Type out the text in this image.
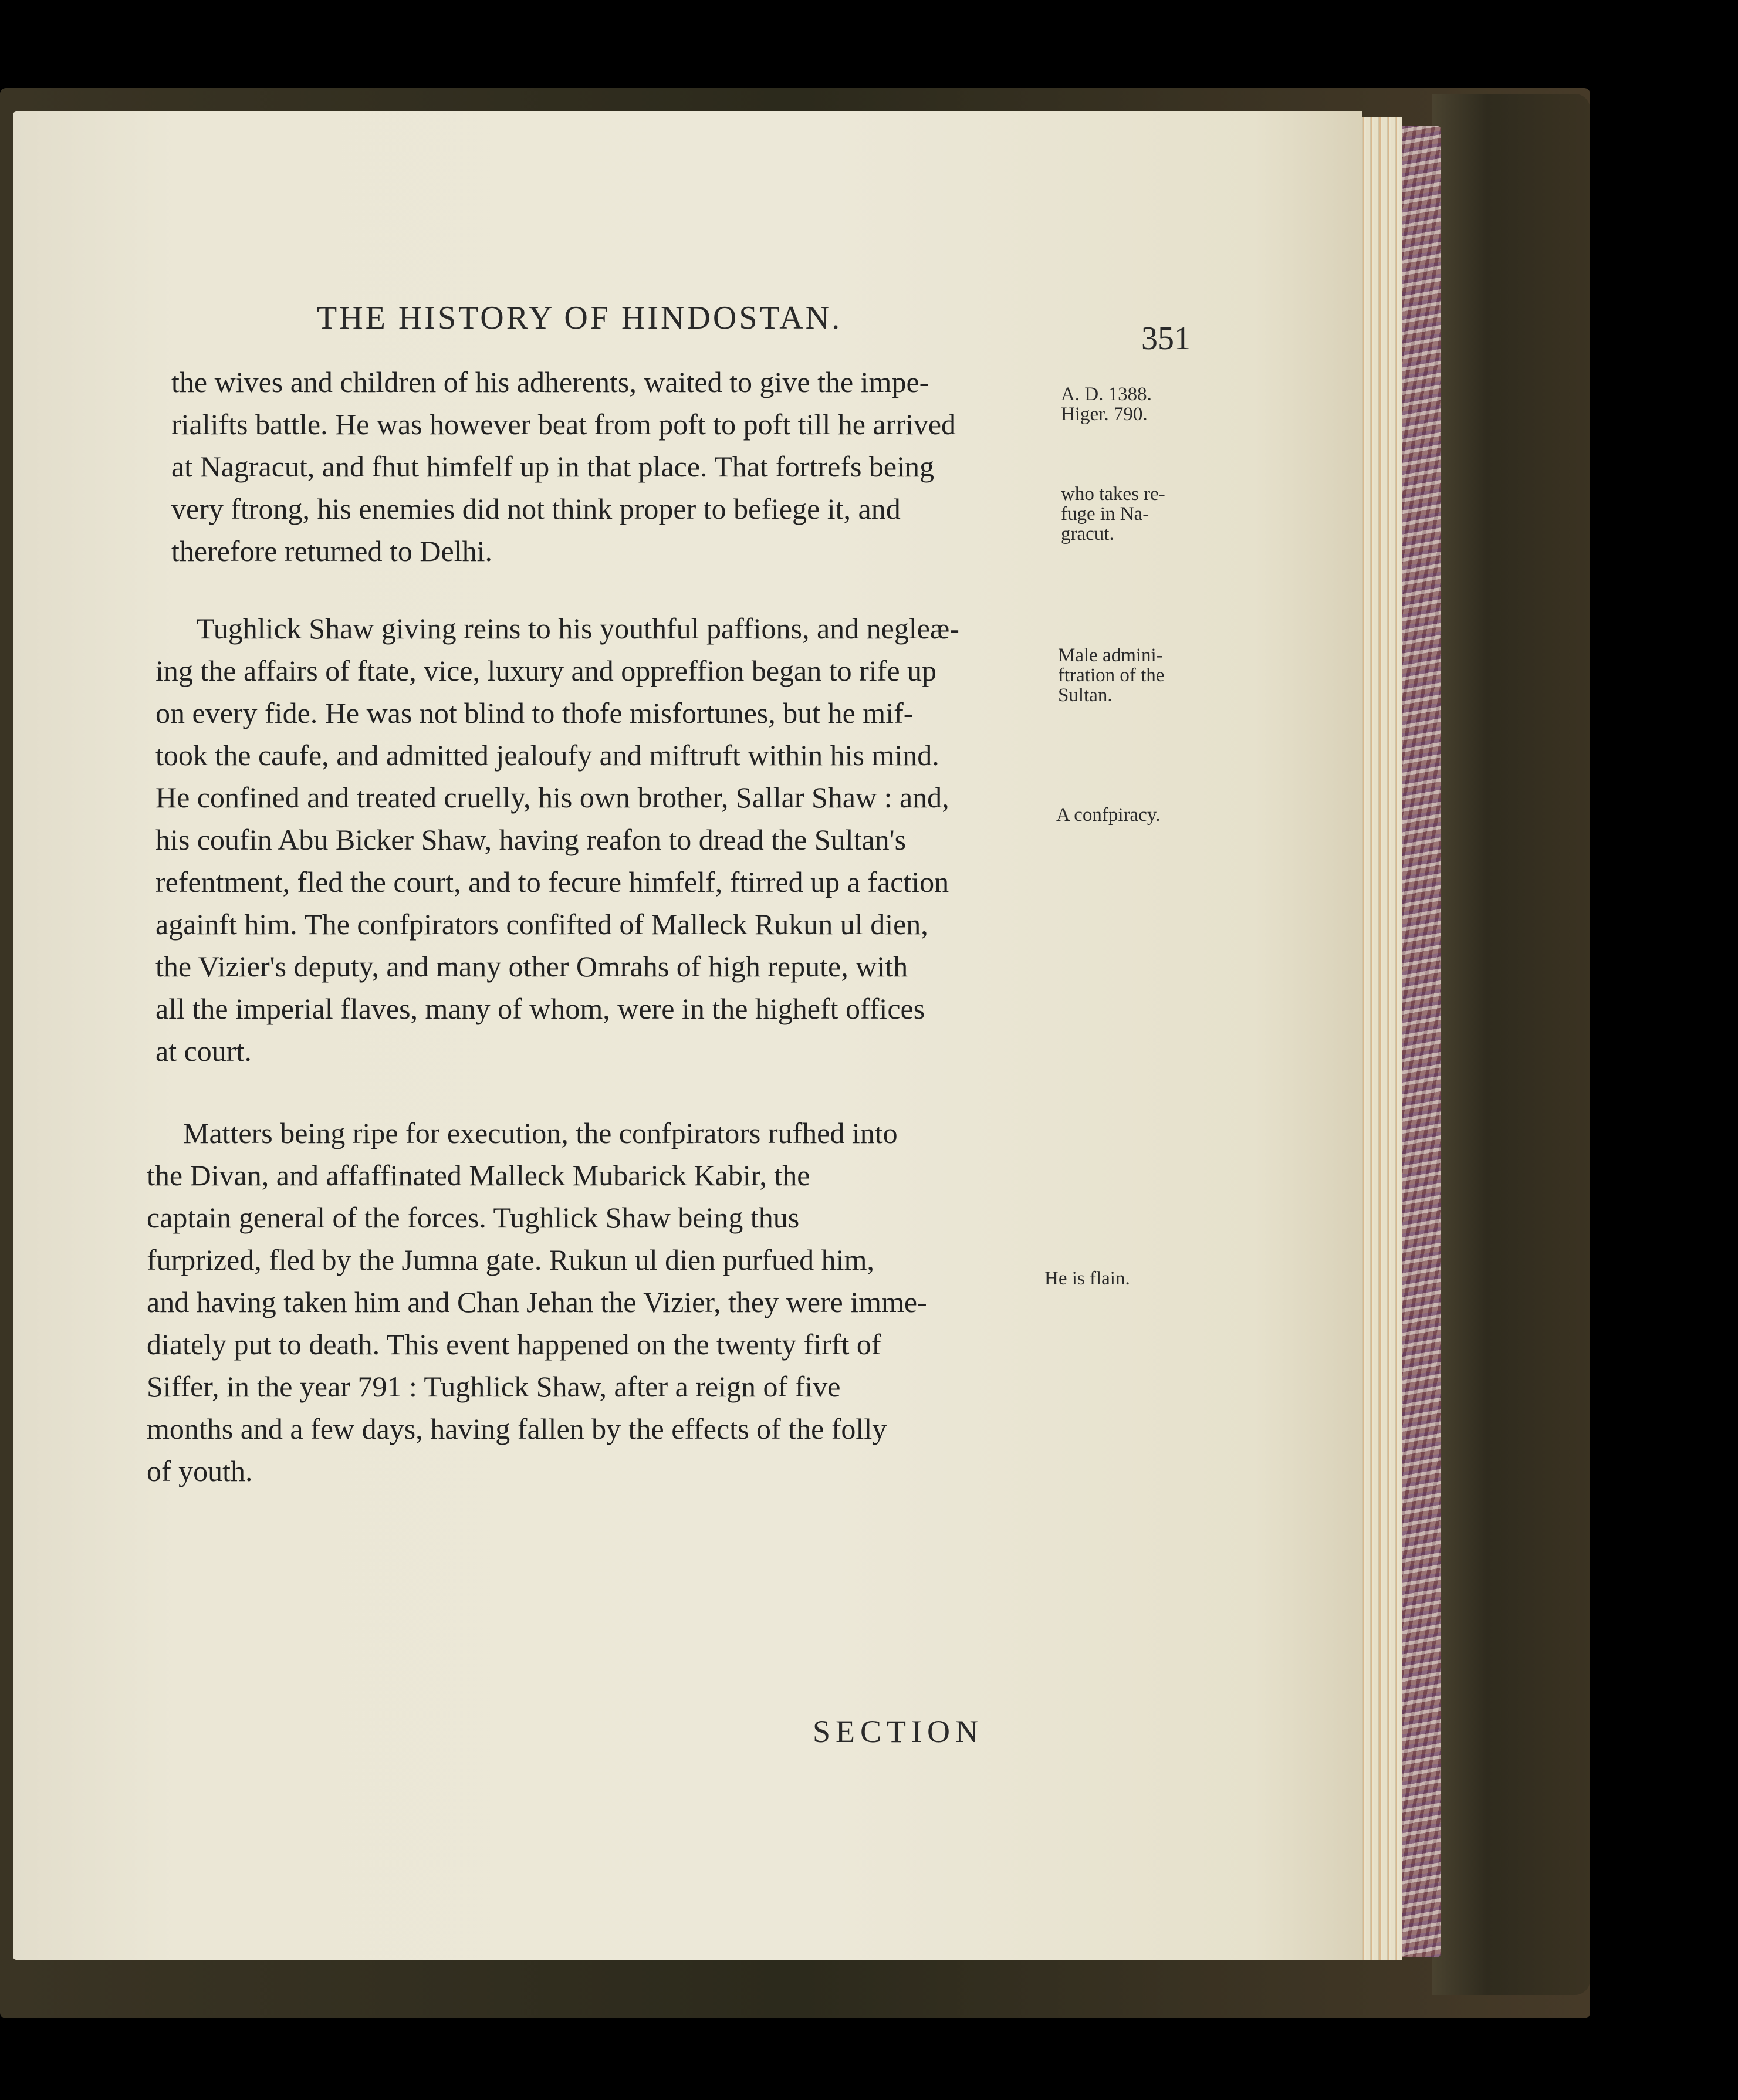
THE HISTORY OF HINDOSTAN.
351
the wives and children of his adherents, waited to give the impe-
rialifts battle. He was however beat from poft to poft till he arrived
at Nagracut, and fhut himfelf up in that place. That fortrefs being
very ftrong, his enemies did not think proper to befiege it, and
therefore returned to Delhi.
Tughlick Shaw giving reins to his youthful paffions, and negleæ-
ing the affairs of ftate, vice, luxury and oppreffion began to rife up
on every fide. He was not blind to thofe misfortunes, but he mif-
took the caufe, and admitted jealoufy and miftruft within his mind.
He confined and treated cruelly, his own brother, Sallar Shaw : and,
his coufin Abu Bicker Shaw, having reafon to dread the Sultan's
refentment, fled the court, and to fecure himfelf, ftirred up a faction
againft him. The confpirators confifted of Malleck Rukun ul dien,
the Vizier's deputy, and many other Omrahs of high repute, with
all the imperial flaves, many of whom, were in the higheft offices
at court.
Matters being ripe for execution, the confpirators rufhed into
the Divan, and affaffinated Malleck Mubarick Kabir, the
captain general of the forces. Tughlick Shaw being thus
furprized, fled by the Jumna gate. Rukun ul dien purfued him,
and having taken him and Chan Jehan the Vizier, they were imme-
diately put to death. This event happened on the twenty firft of
Siffer, in the year 791 : Tughlick Shaw, after a reign of five
months and a few days, having fallen by the effects of the folly
of youth.
A. D. 1388.
Higer. 790.
who takes re-
fuge in Na-
gracut.
Male admini-
ftration of the
Sultan.
A confpiracy.
He is flain.
SECTION
